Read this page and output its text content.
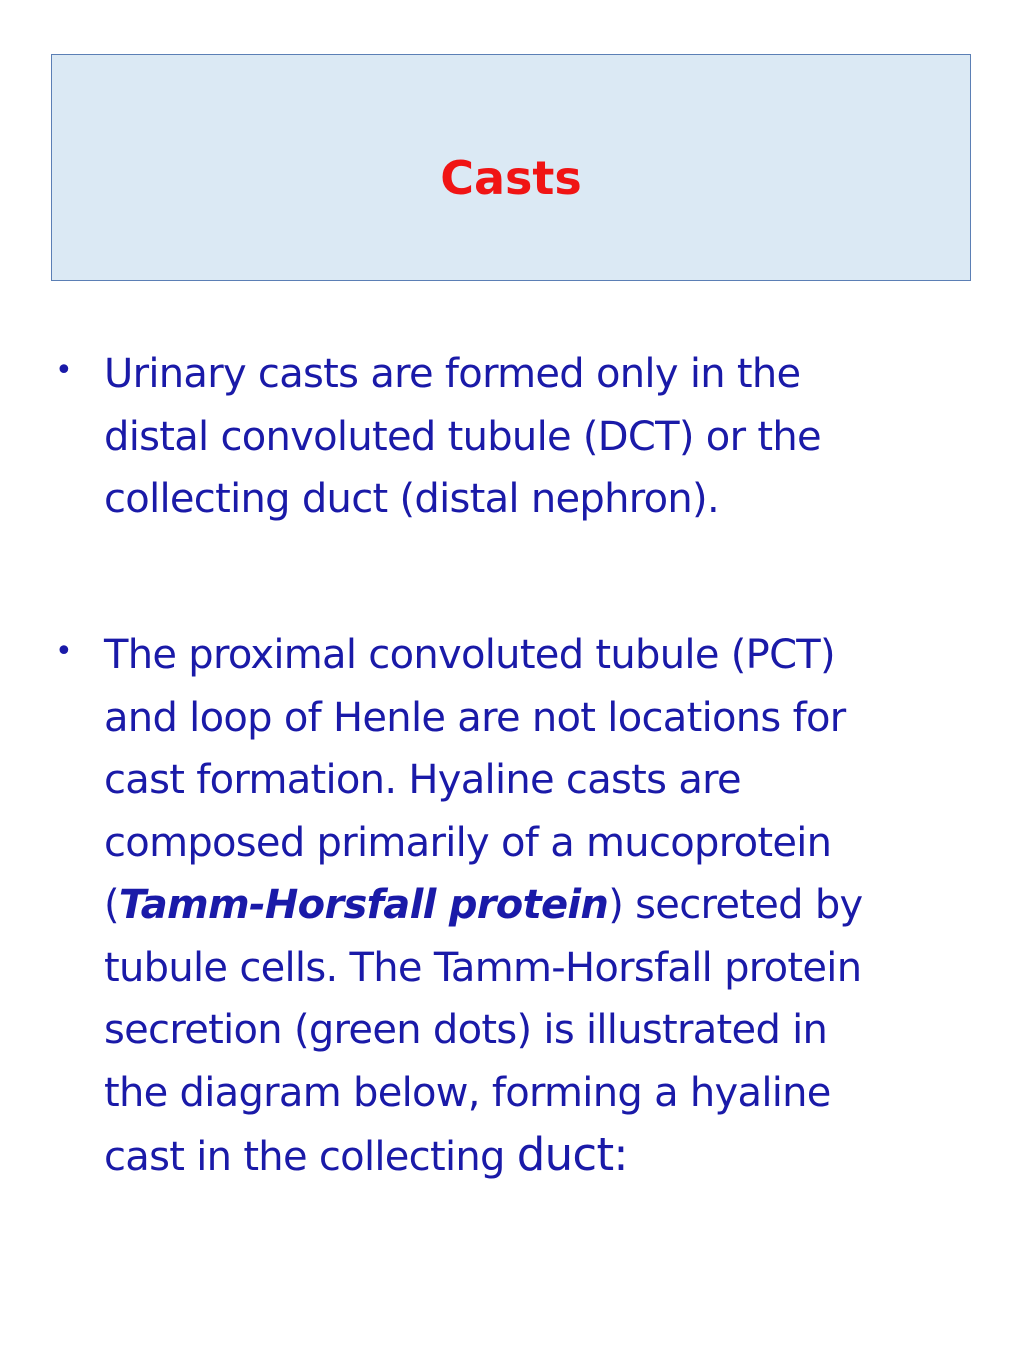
Casts
• Urinary casts are formed only in the
distal convoluted tubule (DCT) or the
collecting duct (distal nephron).
• The proximal convoluted tubule (PCT)
and loop of Henle are not locations for
cast formation. Hyaline casts are
composed primarily of a mucoprotein
(Tamm-Horsfall protein) secreted by
tubule cells. The Tamm-Horsfall protein
secretion (green dots) is illustrated in
the diagram below, forming a hyaline
cast in the collecting duct:
